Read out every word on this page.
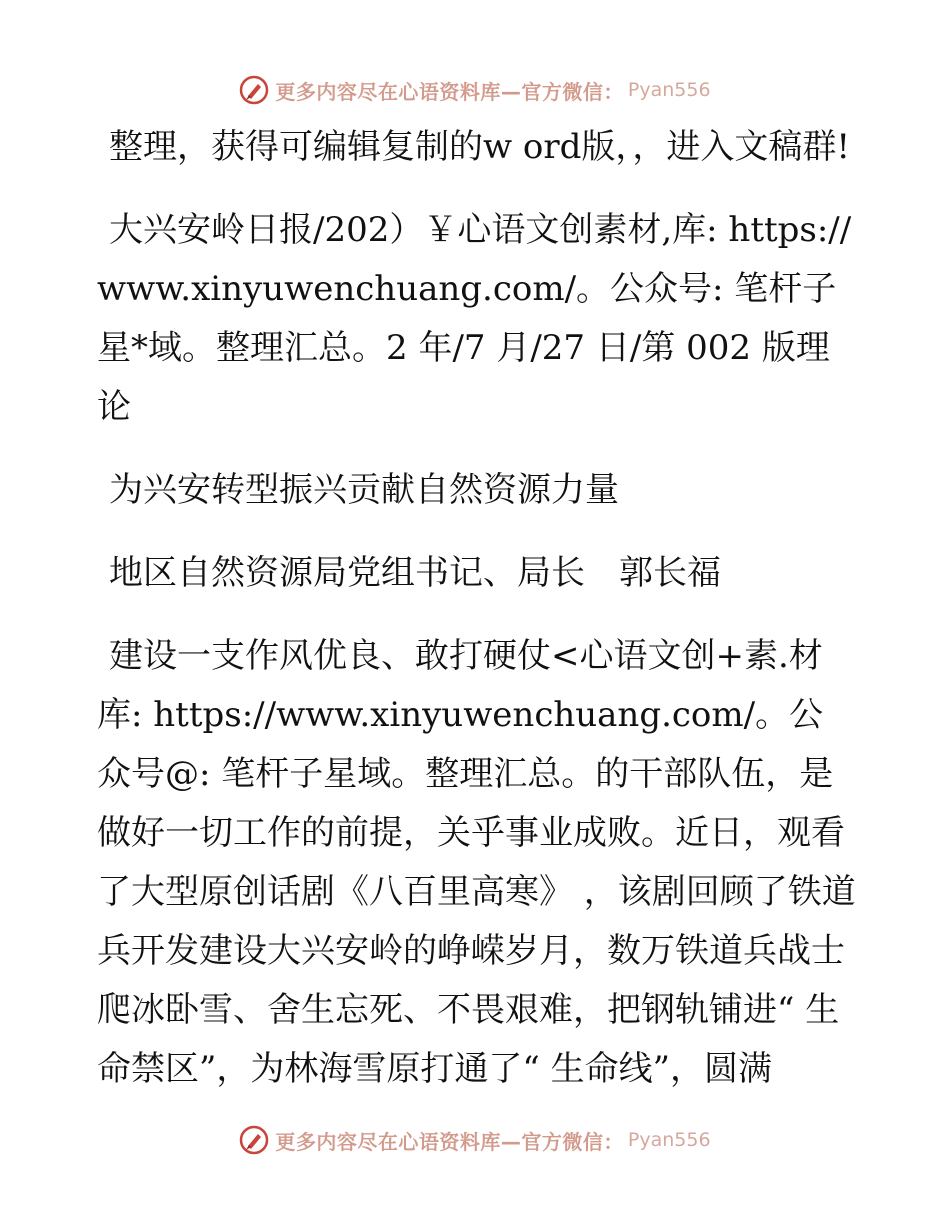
更多内容尽在心语资料库—官方微信： Pyan556

整理，获得可编辑复制的w ord版，，进入文稿群!

大兴安岭日报/202）￥心语文创素材,库: https://www.xinyuwenchuang.com/。公众号: 笔杆子星*域。整理汇总。2 年/7 月/27 日/第 002 版理论

为兴安转型振兴贡献自然资源力量

地区自然资源局党组书记、局长　郭长福

建设一支作风优良、敢打硬仗<心语文创+素.材库: https://www.xinyuwenchuang.com/。公众号@: 笔杆子星域。整理汇总。的干部队伍，是做好一切工作的前提，关乎事业成败。近日，观看了大型原创话剧《八百里高寒》 ，该剧回顾了铁道兵开发建设大兴安岭的峥嵘岁月，数万铁道兵战士爬冰卧雪、舍生忘死、不畏艰难，把钢轨铺进“ 生命禁区”，为林海雪原打通了“ 生命线”，圆满

更多内容尽在心语资料库—官方微信： Pyan556
